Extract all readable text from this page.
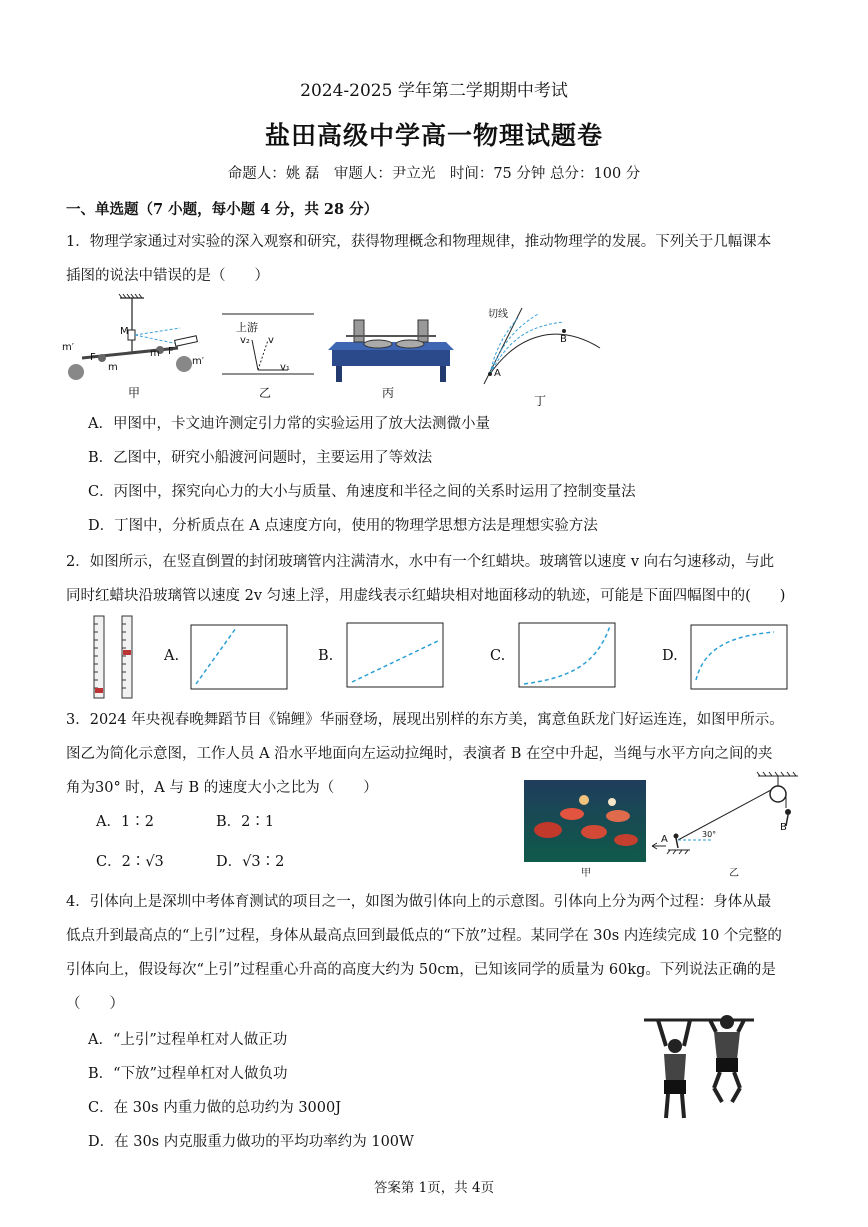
2024-2025 学年第二学期期中考试
盐田高级中学高一物理试题卷
命题人：姚 磊　审题人：尹立光　时间：75 分钟 总分：100 分
一、单选题（7 小题，每小题 4 分，共 28 分）
1．物理学家通过对实验的深入观察和研究，获得物理概念和物理规律，推动物理学的发展。下列关于几幅课本
插图的说法中错误的是（　　）
m′
F
m
M
m F
m′
甲
上游
v₂ v
v₁
乙	丙
切线
A
B
丁
A．甲图中，卡文迪许测定引力常的实验运用了放大法测微小量
B．乙图中，研究小船渡河问题时，主要运用了等效法
C．丙图中，探究向心力的大小与质量、角速度和半径之间的关系时运用了控制变量法
D．丁图中，分析质点在 A 点速度方向，使用的物理学思想方法是理想实验方法
2．如图所示，在竖直倒置的封闭玻璃管内注满清水，水中有一个红蜡块。玻璃管以速度 v 向右匀速移动，与此
同时红蜡块沿玻璃管以速度 2v 匀速上浮，用虚线表示红蜡块相对地面移动的轨迹，可能是下面四幅图中的(　　)
A.	B.	C.	D.
3．2024 年央视春晚舞蹈节目《锦鲤》华丽登场，展现出别样的东方美，寓意鱼跃龙门好运连连，如图甲所示。
图乙为简化示意图，工作人员 A 沿水平地面向左运动拉绳时，表演者 B 在空中升起，当绳与水平方向之间的夹
角为30° 时，A 与 B 的速度大小之比为（　　）
A．1∶2	B．2∶1
C．2∶√3	D．√3∶2
甲
A	30°
B
乙
4．引体向上是深圳中考体育测试的项目之一，如图为做引体向上的示意图。引体向上分为两个过程：身体从最
低点升到最高点的“上引”过程，身体从最高点回到最低点的“下放”过程。某同学在 30s 内连续完成 10 个完整的
引体向上，假设每次“上引”过程重心升高的高度大约为 50cm，已知该同学的质量为 60kg。下列说法正确的是
（　　）
A．“上引”过程单杠对人做正功
B．“下放”过程单杠对人做负功
C．在 30s 内重力做的总功约为 3000J
D．在 30s 内克服重力做功的平均功率约为 100W
答案第 1页，共 4页
